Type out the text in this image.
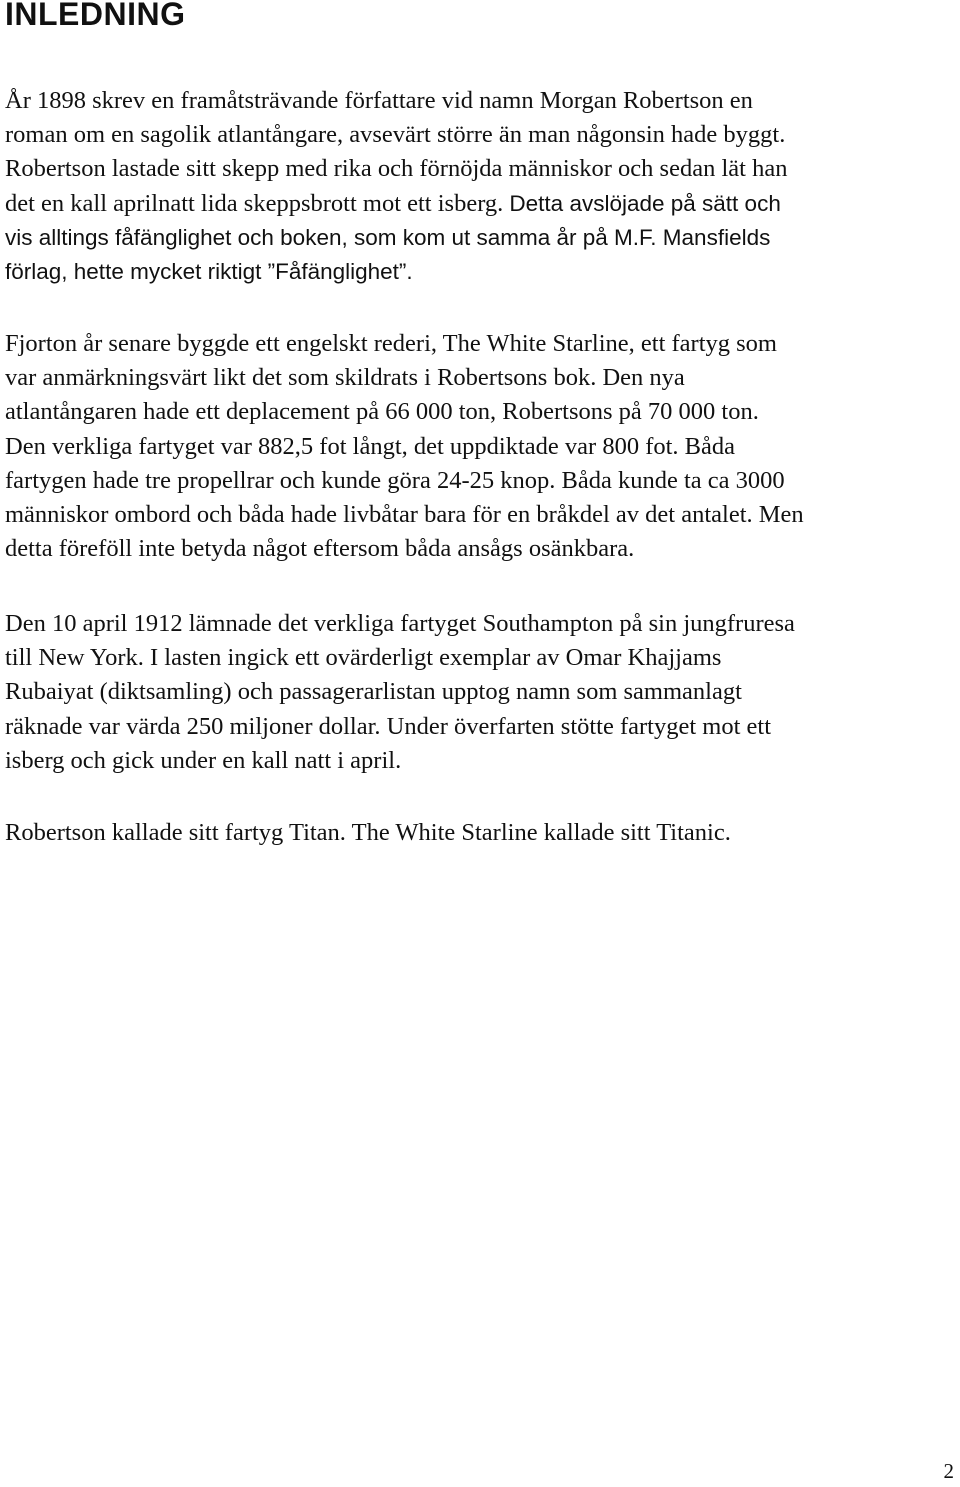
INLEDNING

År 1898 skrev en framåtsträvande författare vid namn Morgan Robertson en
roman om en sagolik atlantångare, avsevärt större än man någonsin hade byggt.
Robertson lastade sitt skepp med rika och förnöjda människor och sedan lät han
det en kall aprilnatt lida skeppsbrott mot ett isberg. Detta avslöjade på sätt och
vis alltings fåfänglighet och boken, som kom ut samma år på M.F. Mansfields
förlag, hette mycket riktigt ”Fåfänglighet”.

Fjorton år senare byggde ett engelskt rederi, The White Starline, ett fartyg som
var anmärkningsvärt likt det som skildrats i Robertsons bok. Den nya
atlantångaren hade ett deplacement på 66 000 ton, Robertsons på 70 000 ton.
Den verkliga fartyget var 882,5 fot långt, det uppdiktade var 800 fot. Båda
fartygen hade tre propellrar och kunde göra 24-25 knop. Båda kunde ta ca 3000
människor ombord och båda hade livbåtar bara för en bråkdel av det antalet. Men
detta föreföll inte betyda något eftersom båda ansågs osänkbara.

Den 10 april 1912 lämnade det verkliga fartyget Southampton på sin jungfruresa
till New York. I lasten ingick ett ovärderligt exemplar av Omar Khajjams
Rubaiyat (diktsamling) och passagerarlistan upptog namn som sammanlagt
räknade var värda 250 miljoner dollar. Under överfarten stötte fartyget mot ett
isberg och gick under en kall natt i april.

Robertson kallade sitt fartyg Titan. The White Starline kallade sitt Titanic.

2
